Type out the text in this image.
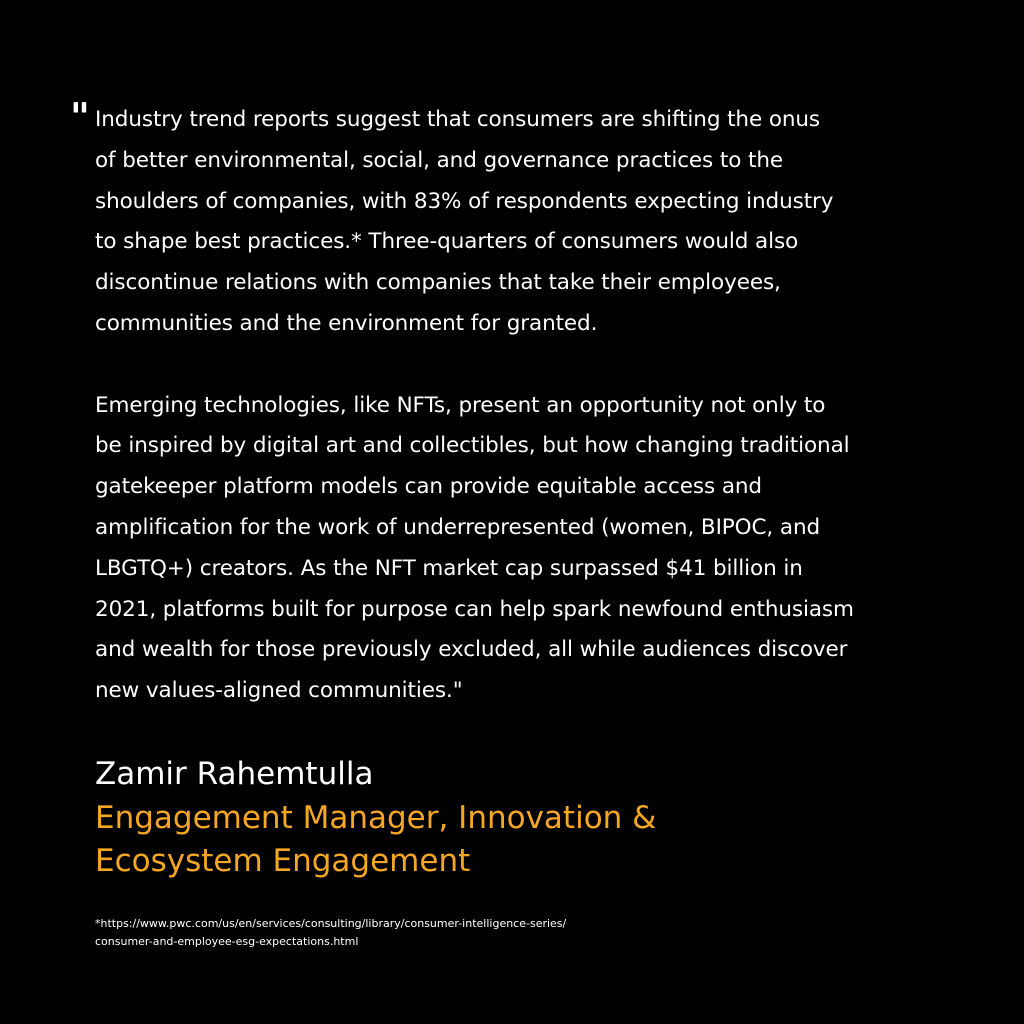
" Industry trend reports suggest that consumers are shifting the onus
of better environmental, social, and governance practices to the
shoulders of companies, with 83% of respondents expecting industry
to shape best practices.* Three-quarters of consumers would also
discontinue relations with companies that take their employees,
communities and the environment for granted.

Emerging technologies, like NFTs, present an opportunity not only to
be inspired by digital art and collectibles, but how changing traditional
gatekeeper platform models can provide equitable access and
amplification for the work of underrepresented (women, BIPOC, and
LBGTQ+) creators. As the NFT market cap surpassed $41 billion in
2021, platforms built for purpose can help spark newfound enthusiasm
and wealth for those previously excluded, all while audiences discover
new values-aligned communities."

Zamir Rahemtulla
Engagement Manager, Innovation &
Ecosystem Engagement
*https://www.pwc.com/us/en/services/consulting/library/consumer-intelligence-series/
consumer-and-employee-esg-expectations.html
